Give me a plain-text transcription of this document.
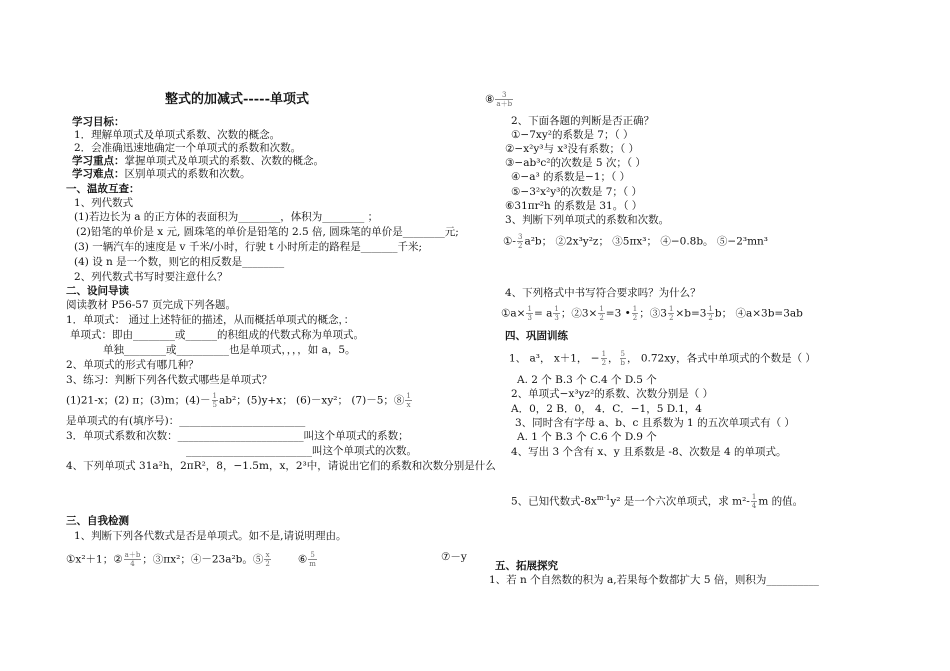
整式的加减式-----单项式
学习目标：
1．理解单项式及单项式系数、次数的概念。
2．会准确迅速地确定一个单项式的系数和次数。
学习重点：掌握单项式及单项式的系数、次数的概念。
学习难点：区别单项式的系数和次数。
一、温故互查：
1、列代数式
(1)若边长为 a 的正方体的表面积为________，体积为________ ；
(2)铅笔的单价是 x 元, 圆珠笔的单价是铅笔的 2.5 倍, 圆珠笔的单价是________元;
(3) 一辆汽车的速度是 v 千米/小时，行驶 t 小时所走的路程是_______千米;
(4) 设 n 是一个数，则它的相反数是________
2、列代数式书写时要注意什么？
二、设问导读
阅读教材 P56-57 页完成下列各题。
1．单项式： 通过上述特征的描述，从而概括单项式的概念，：
单项式：即由________或______的积组成的代数式称为单项式。
单独________或__________也是单项式，，，，如 a，5。
2、单项式的形式有哪几种？
3、练习：判断下列各代数式哪些是单项式？
(1)21-x；(2) π；(3)m；$(4)- \frac{1}{5} ab^2$；(5)y+x； (6)－xy²； (7)－5；⑧ $\frac{1}{x}$
是单项式的有(填序号)：________________________
3．单项式系数和次数：________________________叫这个单项式的系数；
________________________叫这个单项式的次数。
4、下列单项式 31a²h，2πR²，8，−1.5m，x，2³中，请说出它们的系数和次数分别是什么
三、自我检测
1、判断下列各代数式是否是单项式。如不是,请说明理由。
①x²＋1；② $\frac{a+b}{4}$ ；③πx²；④－23a²b。⑤ $\frac{x}{2}$	⑥ $\frac{5}{m}$	⑦－y
⑧ $\frac{3}{a+b}$
2、下面各题的判断是否正确？
①−7xy²的系数是 7；（ ）
②−x²y³与 x³没有系数；（ ）
③−ab³c²的次数是 5 次；（ ）
④−a³ 的系数是−1；（ ）
⑤−3²x²y³的次数是 7；（ ）
⑥31πr²h 的系数是 31。（ ）
3、判断下列单项式的系数和次数。
①- $\frac{3}{2} a^2b$； ②2x³y²z； ③5πx³； ④−0.8b。 ⑤−2³mn³
4、下列格式中书写符合要求吗？为什么？
①a× $\frac{1}{3} = a \frac{1}{3}$ ；②3× $\frac{1}{2} =3$ • $\frac{1}{2}$ ；③3 $\frac{1}{2} \times b=3 \frac{1}{2}$ b； ④a×3b=3ab
四、巩固训练
1、 a³， x＋1， − $\frac{1}{2}$ ， $\frac{5}{b}$ ， 0.72xy，各式中单项式的个数是（ ）
A. 2 个 B.3 个 C.4 个 D.5 个
2、单项式−x³yz²的系数、次数分别是（ ）
A．0，2 B．0， 4．C．−1，5 D.1，4
3、同时含有字母 a、b、c 且系数为 1 的五次单项式有（ ）
A. 1 个 B.3 个 C.6 个 D.9 个
4、写出 3 个含有 x、y 且系数是 -8、次数是 4 的单项式。
5、已知代数式$-8x^{m-1}y^2$ 是一个六次单项式，求 $m^2- \frac{1}{4}$ m 的值。
五、拓展探究
1、若 n 个自然数的积为 a,若果每个数都扩大 5 倍，则积为__________
